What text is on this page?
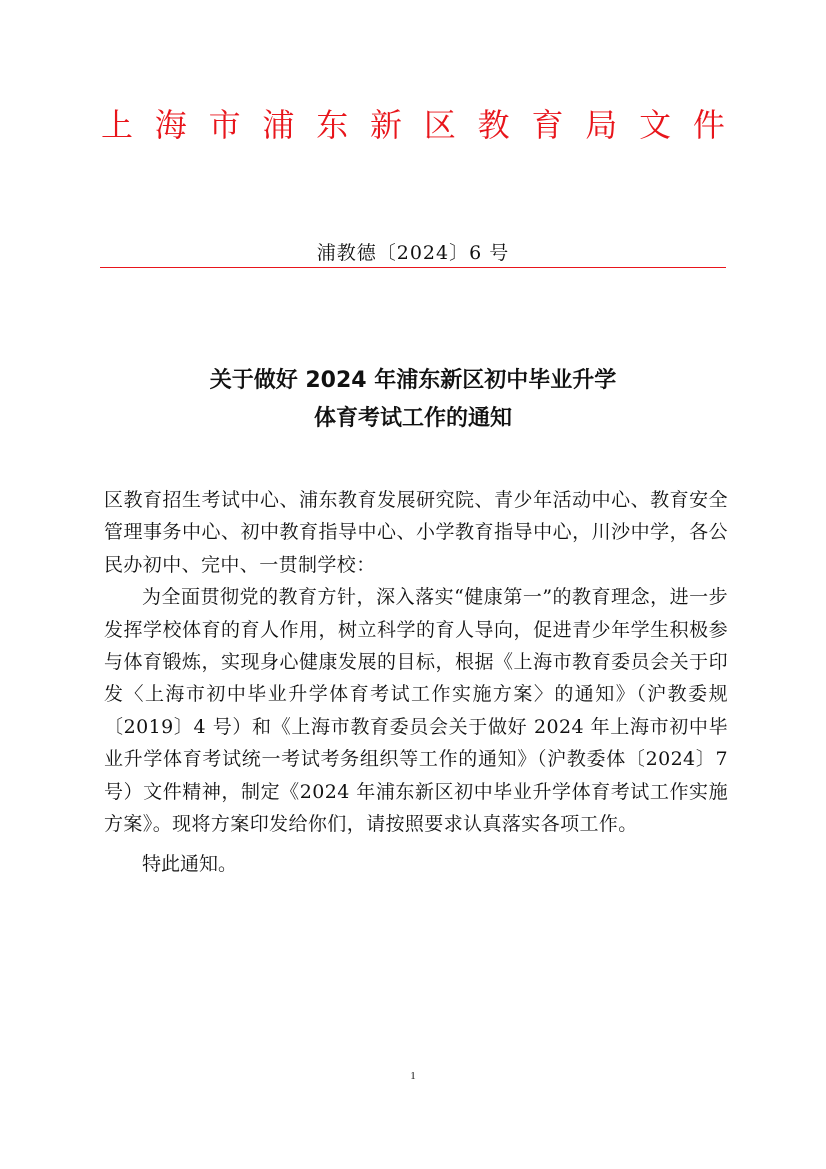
上 海 市 浦 东 新 区 教 育 局 文 件
浦教德〔2024〕6 号
关于做好 2024 年浦东新区初中毕业升学
体育考试工作的通知

区教育招生考试中心、浦东教育发展研究院、青少年活动中心、教育安全管理事务中心、初中教育指导中心、小学教育指导中心，川沙中学，各公民办初中、完中、一贯制学校：

为全面贯彻党的教育方针，深入落实“健康第一”的教育理念，进一步发挥学校体育的育人作用，树立科学的育人导向，促进青少年学生积极参与体育锻炼，实现身心健康发展的目标，根据《上海市教育委员会关于印发〈上海市初中毕业升学体育考试工作实施方案〉的通知》（沪教委规〔2019〕4 号）和《上海市教育委员会关于做好 2024 年上海市初中毕业升学体育考试统一考试考务组织等工作的通知》（沪教委体〔2024〕7 号）文件精神，制定《2024 年浦东新区初中毕业升学体育考试工作实施方案》。现将方案印发给你们，请按照要求认真落实各项工作。

特此通知。

1
